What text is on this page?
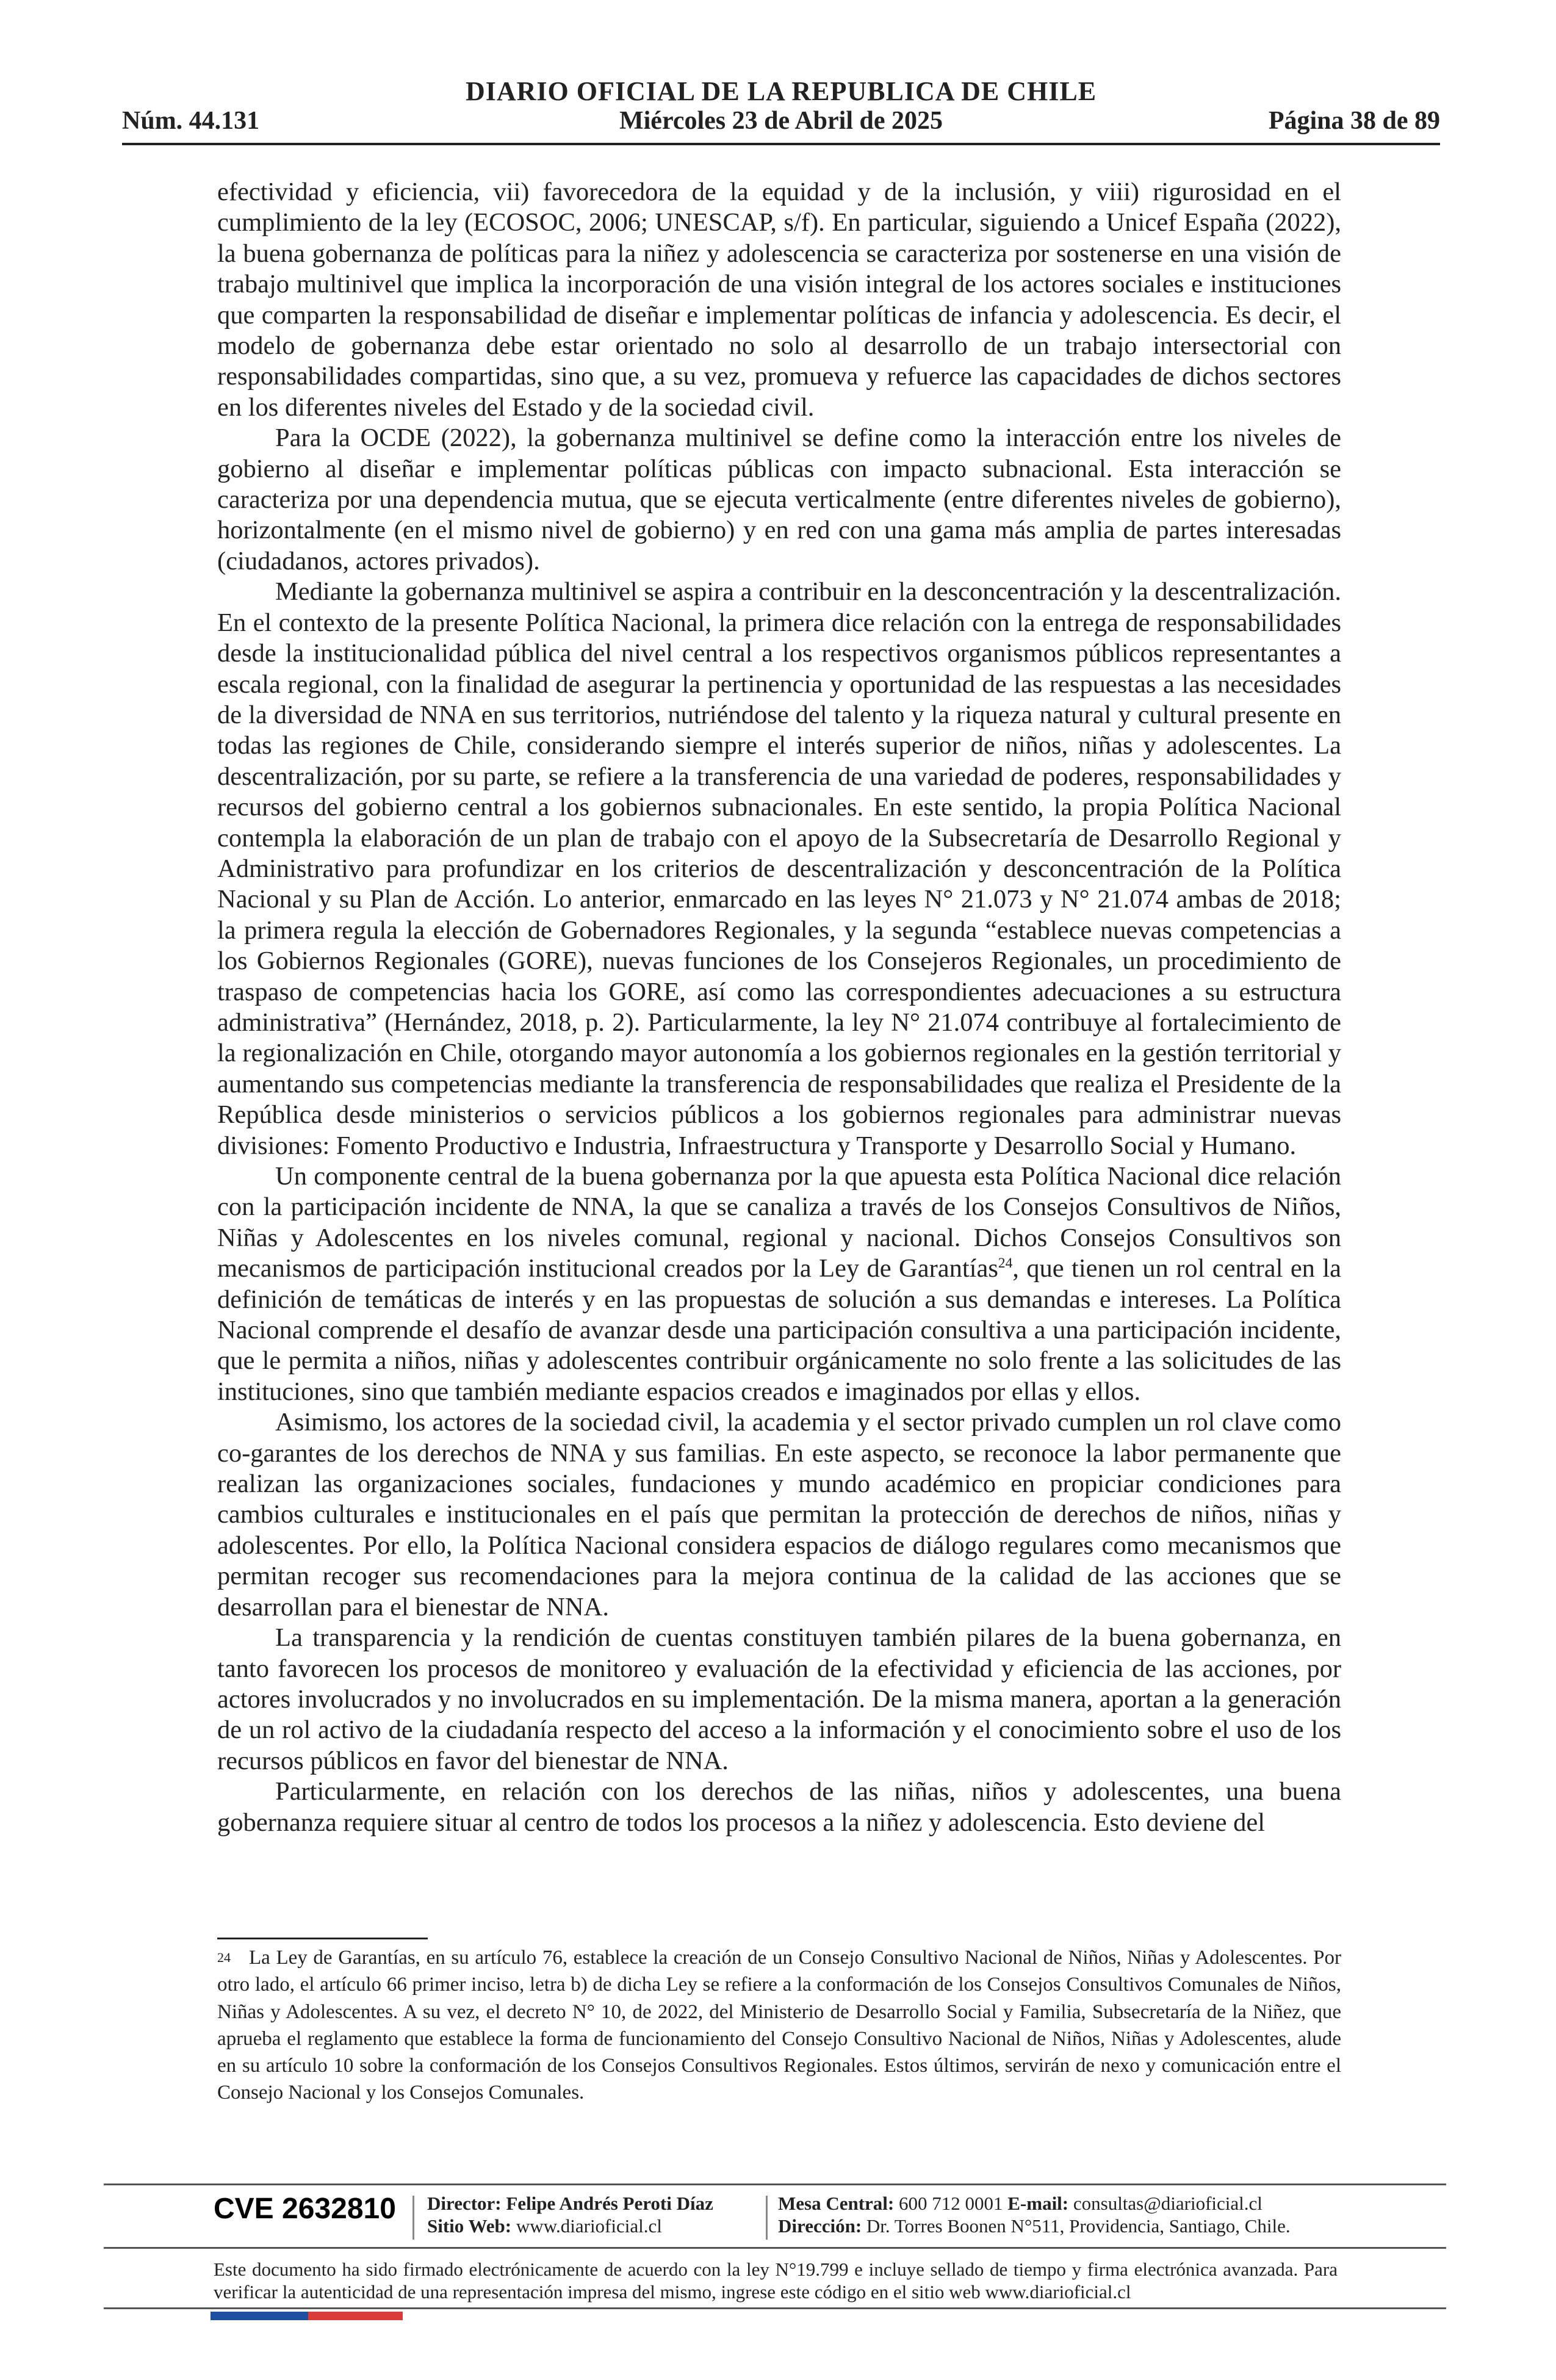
DIARIO OFICIAL DE LA REPUBLICA DE CHILE
Núm. 44.131	Miércoles 23 de Abril de 2025	Página 38 de 89

efectividad y eficiencia, vii) favorecedora de la equidad y de la inclusión, y viii) rigurosidad en el cumplimiento de la ley (ECOSOC, 2006; UNESCAP, s/f). En particular, siguiendo a Unicef España (2022), la buena gobernanza de políticas para la niñez y adolescencia se caracteriza por sostenerse en una visión de trabajo multinivel que implica la incorporación de una visión integral de los actores sociales e instituciones que comparten la responsabilidad de diseñar e implementar políticas de infancia y adolescencia. Es decir, el modelo de gobernanza debe estar orientado no solo al desarrollo de un trabajo intersectorial con responsabilidades compartidas, sino que, a su vez, promueva y refuerce las capacidades de dichos sectores en los diferentes niveles del Estado y de la sociedad civil.

Para la OCDE (2022), la gobernanza multinivel se define como la interacción entre los niveles de gobierno al diseñar e implementar políticas públicas con impacto subnacional. Esta interacción se caracteriza por una dependencia mutua, que se ejecuta verticalmente (entre diferentes niveles de gobierno), horizontalmente (en el mismo nivel de gobierno) y en red con una gama más amplia de partes interesadas (ciudadanos, actores privados).

Mediante la gobernanza multinivel se aspira a contribuir en la desconcentración y la descentralización. En el contexto de la presente Política Nacional, la primera dice relación con la entrega de responsabilidades desde la institucionalidad pública del nivel central a los respectivos organismos públicos representantes a escala regional, con la finalidad de asegurar la pertinencia y oportunidad de las respuestas a las necesidades de la diversidad de NNA en sus territorios, nutriéndose del talento y la riqueza natural y cultural presente en todas las regiones de Chile, considerando siempre el interés superior de niños, niñas y adolescentes. La descentralización, por su parte, se refiere a la transferencia de una variedad de poderes, responsabilidades y recursos del gobierno central a los gobiernos subnacionales. En este sentido, la propia Política Nacional contempla la elaboración de un plan de trabajo con el apoyo de la Subsecretaría de Desarrollo Regional y Administrativo para profundizar en los criterios de descentralización y desconcentración de la Política Nacional y su Plan de Acción. Lo anterior, enmarcado en las leyes N° 21.073 y N° 21.074 ambas de 2018; la primera regula la elección de Gobernadores Regionales, y la segunda “establece nuevas competencias a los Gobiernos Regionales (GORE), nuevas funciones de los Consejeros Regionales, un procedimiento de traspaso de competencias hacia los GORE, así como las correspondientes adecuaciones a su estructura administrativa” (Hernández, 2018, p. 2). Particularmente, la ley N° 21.074 contribuye al fortalecimiento de la regionalización en Chile, otorgando mayor autonomía a los gobiernos regionales en la gestión territorial y aumentando sus competencias mediante la transferencia de responsabilidades que realiza el Presidente de la República desde ministerios o servicios públicos a los gobiernos regionales para administrar nuevas divisiones: Fomento Productivo e Industria, Infraestructura y Transporte y Desarrollo Social y Humano.

Un componente central de la buena gobernanza por la que apuesta esta Política Nacional dice relación con la participación incidente de NNA, la que se canaliza a través de los Consejos Consultivos de Niños, Niñas y Adolescentes en los niveles comunal, regional y nacional. Dichos Consejos Consultivos son mecanismos de participación institucional creados por la Ley de Garantías$^{24}$, que tienen un rol central en la definición de temáticas de interés y en las propuestas de solución a sus demandas e intereses. La Política Nacional comprende el desafío de avanzar desde una participación consultiva a una participación incidente, que le permita a niños, niñas y adolescentes contribuir orgánicamente no solo frente a las solicitudes de las instituciones, sino que también mediante espacios creados e imaginados por ellas y ellos.

Asimismo, los actores de la sociedad civil, la academia y el sector privado cumplen un rol clave como co-garantes de los derechos de NNA y sus familias. En este aspecto, se reconoce la labor permanente que realizan las organizaciones sociales, fundaciones y mundo académico en propiciar condiciones para cambios culturales e institucionales en el país que permitan la protección de derechos de niños, niñas y adolescentes. Por ello, la Política Nacional considera espacios de diálogo regulares como mecanismos que permitan recoger sus recomendaciones para la mejora continua de la calidad de las acciones que se desarrollan para el bienestar de NNA.

La transparencia y la rendición de cuentas constituyen también pilares de la buena gobernanza, en tanto favorecen los procesos de monitoreo y evaluación de la efectividad y eficiencia de las acciones, por actores involucrados y no involucrados en su implementación. De la misma manera, aportan a la generación de un rol activo de la ciudadanía respecto del acceso a la información y el conocimiento sobre el uso de los recursos públicos en favor del bienestar de NNA.

Particularmente, en relación con los derechos de las niñas, niños y adolescentes, una buena gobernanza requiere situar al centro de todos los procesos a la niñez y adolescencia. Esto deviene del

24 La Ley de Garantías, en su artículo 76, establece la creación de un Consejo Consultivo Nacional de Niños, Niñas y Adolescentes. Por otro lado, el artículo 66 primer inciso, letra b) de dicha Ley se refiere a la conformación de los Consejos Consultivos Comunales de Niños, Niñas y Adolescentes. A su vez, el decreto N° 10, de 2022, del Ministerio de Desarrollo Social y Familia, Subsecretaría de la Niñez, que aprueba el reglamento que establece la forma de funcionamiento del Consejo Consultivo Nacional de Niños, Niñas y Adolescentes, alude en su artículo 10 sobre la conformación de los Consejos Consultivos Regionales. Estos últimos, servirán de nexo y comunicación entre el Consejo Nacional y los Consejos Comunales.

CVE 2632810 Director: Felipe Andrés Peroti Díaz
Sitio Web: www.diarioficial.cl
Mesa Central: 600 712 0001 E-mail: consultas@diarioficial.cl
Dirección: Dr. Torres Boonen N°511, Providencia, Santiago, Chile.
Este documento ha sido firmado electrónicamente de acuerdo con la ley N°19.799 e incluye sellado de tiempo y firma electrónica avanzada. Para verificar la autenticidad de una representación impresa del mismo, ingrese este código en el sitio web www.diarioficial.cl
